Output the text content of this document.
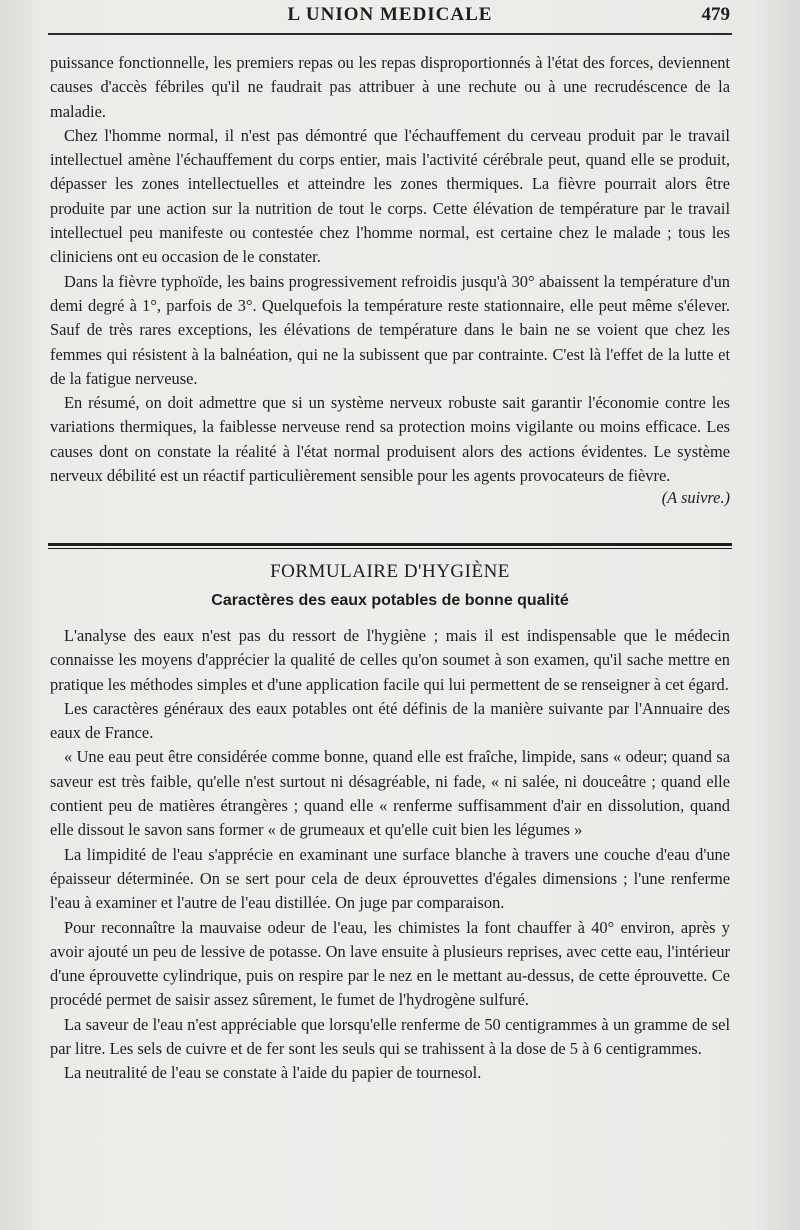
L UNION MEDICALE	479

puissance fonctionnelle, les premiers repas ou les repas disproportionnés à l'état des forces, deviennent causes d'accès fébriles qu'il ne faudrait pas attribuer à une rechute ou à une recrudéscence de la maladie.

Chez l'homme normal, il n'est pas démontré que l'échauffement du cerveau produit par le travail intellectuel amène l'échauffement du corps entier, mais l'activité cérébrale peut, quand elle se produit, dépasser les zones intellectuelles et atteindre les zones thermiques. La fièvre pourrait alors être produite par une action sur la nutrition de tout le corps. Cette élévation de température par le travail intellectuel peu manifeste ou contestée chez l'homme normal, est certaine chez le malade ; tous les cliniciens ont eu occasion de le constater.

Dans la fièvre typhoïde, les bains progressivement refroidis jusqu'à 30° abaissent la température d'un demi degré à 1°, parfois de 3°. Quelquefois la température reste stationnaire, elle peut même s'élever. Sauf de très rares exceptions, les élévations de température dans le bain ne se voient que chez les femmes qui résistent à la balnéation, qui ne la subissent que par contrainte. C'est là l'effet de la lutte et de la fatigue nerveuse.

En résumé, on doit admettre que si un système nerveux robuste sait garantir l'économie contre les variations thermiques, la faiblesse nerveuse rend sa protection moins vigilante ou moins efficace. Les causes dont on constate la réalité à l'état normal produisent alors des actions évidentes. Le système nerveux débilité est un réactif particulièrement sensible pour les agents provocateurs de fièvre.

(A suivre.)
FORMULAIRE D'HYGIÈNE
Caractères des eaux potables de bonne qualité

L'analyse des eaux n'est pas du ressort de l'hygiène ; mais il est indispensable que le médecin connaisse les moyens d'apprécier la qualité de celles qu'on soumet à son examen, qu'il sache mettre en pratique les méthodes simples et d'une application facile qui lui permettent de se renseigner à cet égard.

Les caractères généraux des eaux potables ont été définis de la manière suivante par l'Annuaire des eaux de France.

« Une eau peut être considérée comme bonne, quand elle est fraîche, limpide, sans « odeur; quand sa saveur est très faible, qu'elle n'est surtout ni désagréable, ni fade, « ni salée, ni douceâtre ; quand elle contient peu de matières étrangères ; quand elle « renferme suffisamment d'air en dissolution, quand elle dissout le savon sans former « de grumeaux et qu'elle cuit bien les légumes »

La limpidité de l'eau s'apprécie en examinant une surface blanche à travers une couche d'eau d'une épaisseur déterminée. On se sert pour cela de deux éprouvettes d'égales dimensions ; l'une renferme l'eau à examiner et l'autre de l'eau distillée. On juge par comparaison.

Pour reconnaître la mauvaise odeur de l'eau, les chimistes la font chauffer à 40° environ, après y avoir ajouté un peu de lessive de potasse. On lave ensuite à plusieurs reprises, avec cette eau, l'intérieur d'une éprouvette cylindrique, puis on respire par le nez en le mettant au-dessus, de cette éprouvette. Ce procédé permet de saisir assez sûrement, le fumet de l'hydrogène sulfuré.

La saveur de l'eau n'est appréciable que lorsqu'elle renferme de 50 centigrammes à un gramme de sel par litre. Les sels de cuivre et de fer sont les seuls qui se trahissent à la dose de 5 à 6 centigrammes.

La neutralité de l'eau se constate à l'aide du papier de tournesol.
